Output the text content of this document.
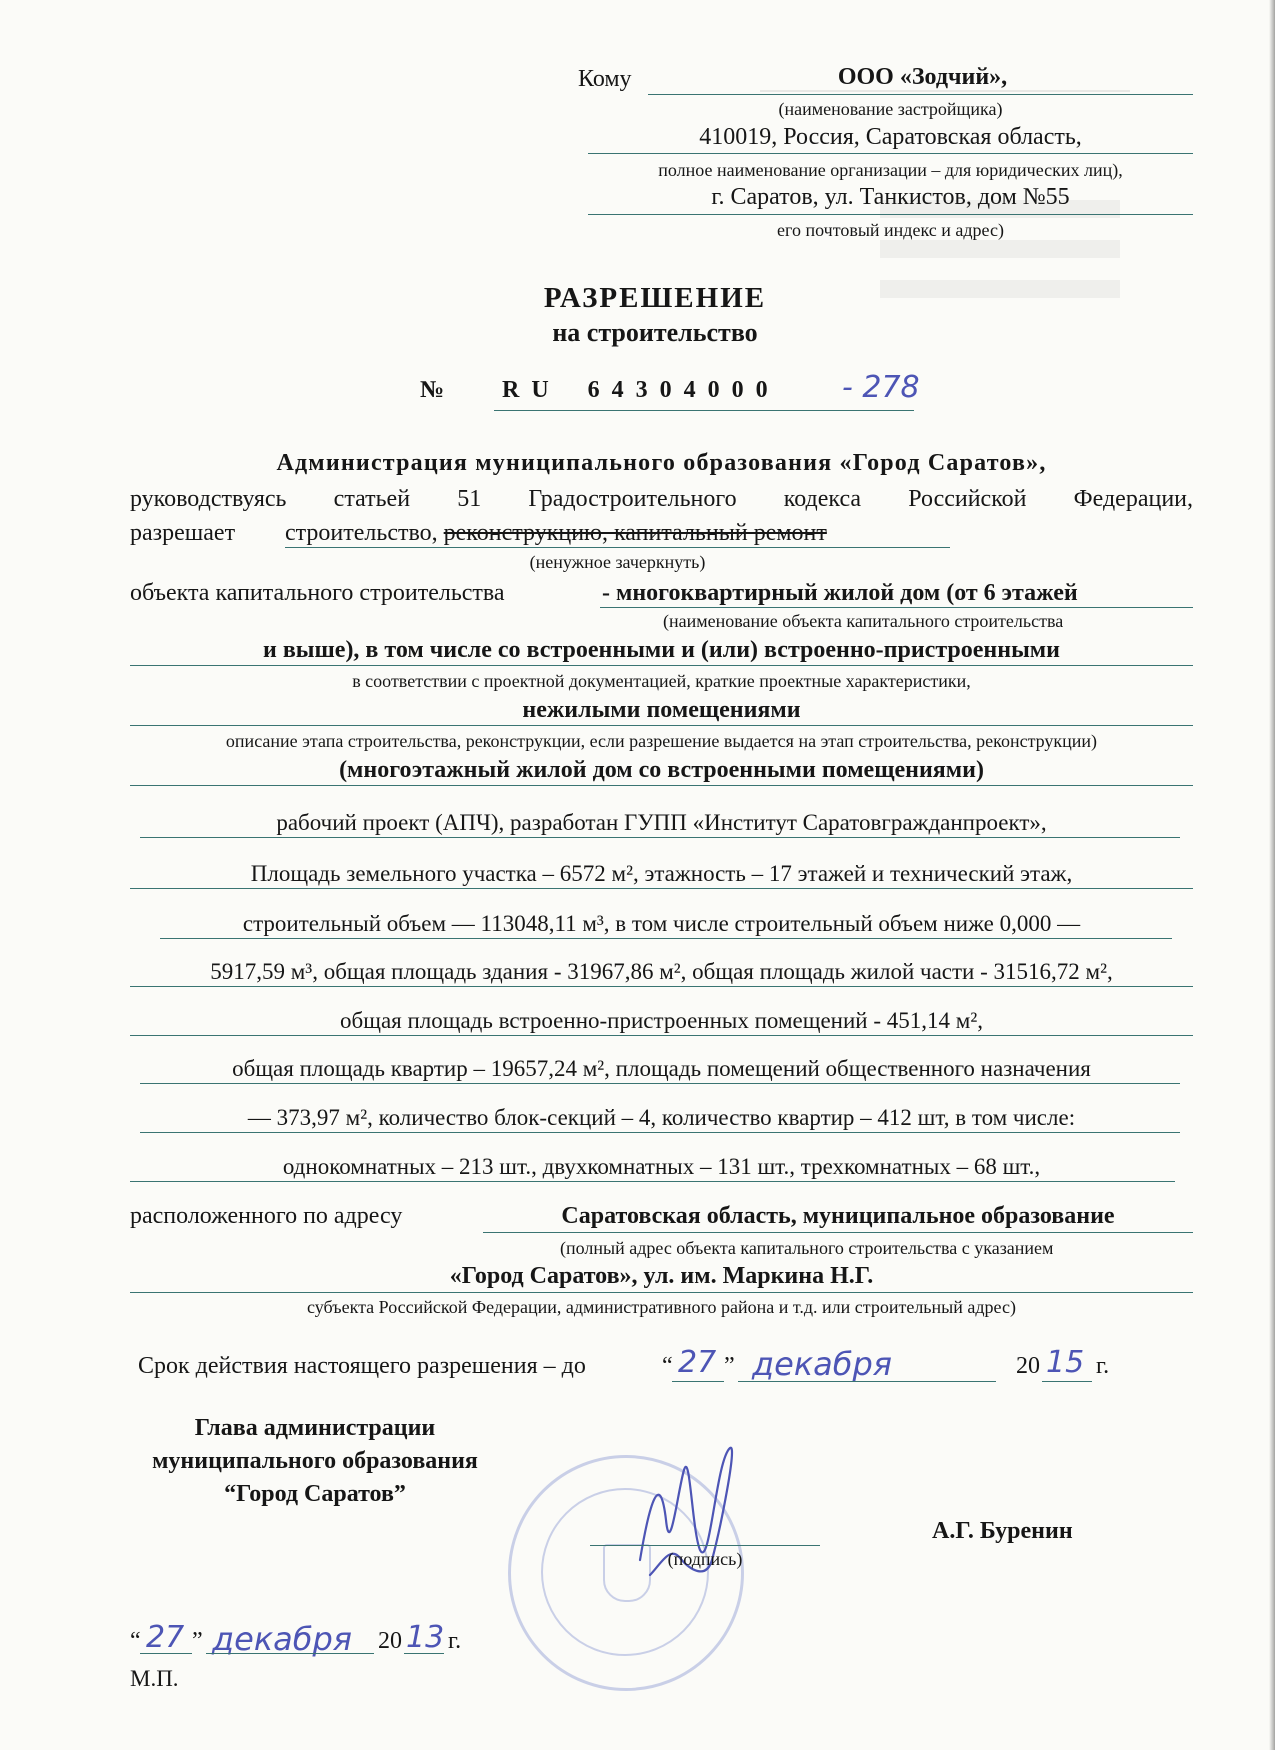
Кому	ООО «Зодчий»,
(наименование застройщика)
410019, Россия, Саратовская область,
полное наименование организации – для юридических лиц),
г. Саратов, ул. Танкистов, дом №55
его почтовый индекс и адрес)
РАЗРЕШЕНИЕ
на строительство
№ R U    6 4 3 0 4 0 0 0 - 278
Администрация муниципального образования «Город Саратов»,
руководствуясь статьей 51 Градостроительного кодекса Российской Федерации,
разрешает строительство, реконструкцию, капитальный ремонт
(ненужное зачеркнуть)
объекта капитального строительства	- многоквартирный жилой дом (от 6 этажей
(наименование объекта капитального строительства
и выше), в том числе со встроенными и (или) встроенно-пристроенными
в соответствии с проектной документацией, краткие проектные характеристики,
нежилыми помещениями
описание этапа строительства, реконструкции, если разрешение выдается на этап строительства, реконструкции)
(многоэтажный жилой дом со встроенными помещениями)
рабочий проект (АПЧ), разработан ГУПП «Институт Саратовгражданпроект»,
Площадь земельного участка – 6572 м², этажность – 17 этажей и технический этаж,
строительный объем — 113048,11 м³, в том числе строительный объем ниже 0,000 —
5917,59 м³, общая площадь здания - 31967,86 м², общая площадь жилой части - 31516,72 м²,
общая площадь встроенно-пристроенных помещений - 451,14 м²,
общая площадь квартир – 19657,24 м², площадь помещений общественного назначения
— 373,97 м², количество блок-секций – 4, количество квартир – 412 шт, в том числе:
однокомнатных – 213 шт., двухкомнатных – 131 шт., трехкомнатных – 68 шт.,
расположенного по адресу	Саратовская область, муниципальное образование
(полный адрес объекта капитального строительства с указанием
«Город Саратов», ул. им. Маркина Н.Г.
субъекта Российской Федерации, административного района и т.д. или строительный адрес)
Срок действия настоящего разрешения – до	“ 27 ” декабря	20 15 г.
Глава администрации муниципального образования “Город Саратов”
(подпись)
А.Г. Буренин
“ 27 ” декабря 20 13 г.
М.П.
